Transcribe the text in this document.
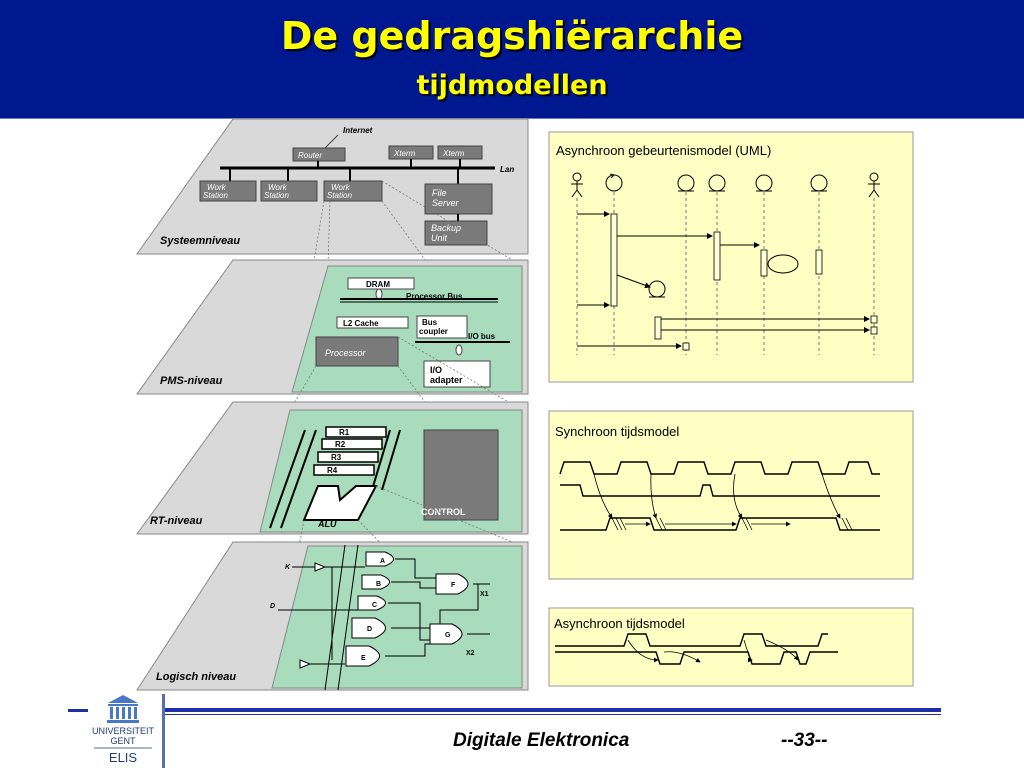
De gedragshiërarchie
tijdmodellen
Internet
Router	Xterm	Xterm
Lan
Work
Station
Work
Station
Work
Station	File
Server
Backup
Unit
Systeemniveau
DRAM
Processor Bus
L2 Cache	Bus
coupler
I/O bus
Processor
I/O
adapter
PMS-niveau
R1
R2
R3
R4
ALU
CONTROL
RT-niveau
K
D
A
B
C
D
E
F
G
X1
X2
Logisch niveau
Asynchroon gebeurtenismodel (UML)
Synchroon tijdsmodel
Asynchroon tijdsmodel
UNIVERSITEIT
GENT
ELIS
Digitale Elektronica	--33--
